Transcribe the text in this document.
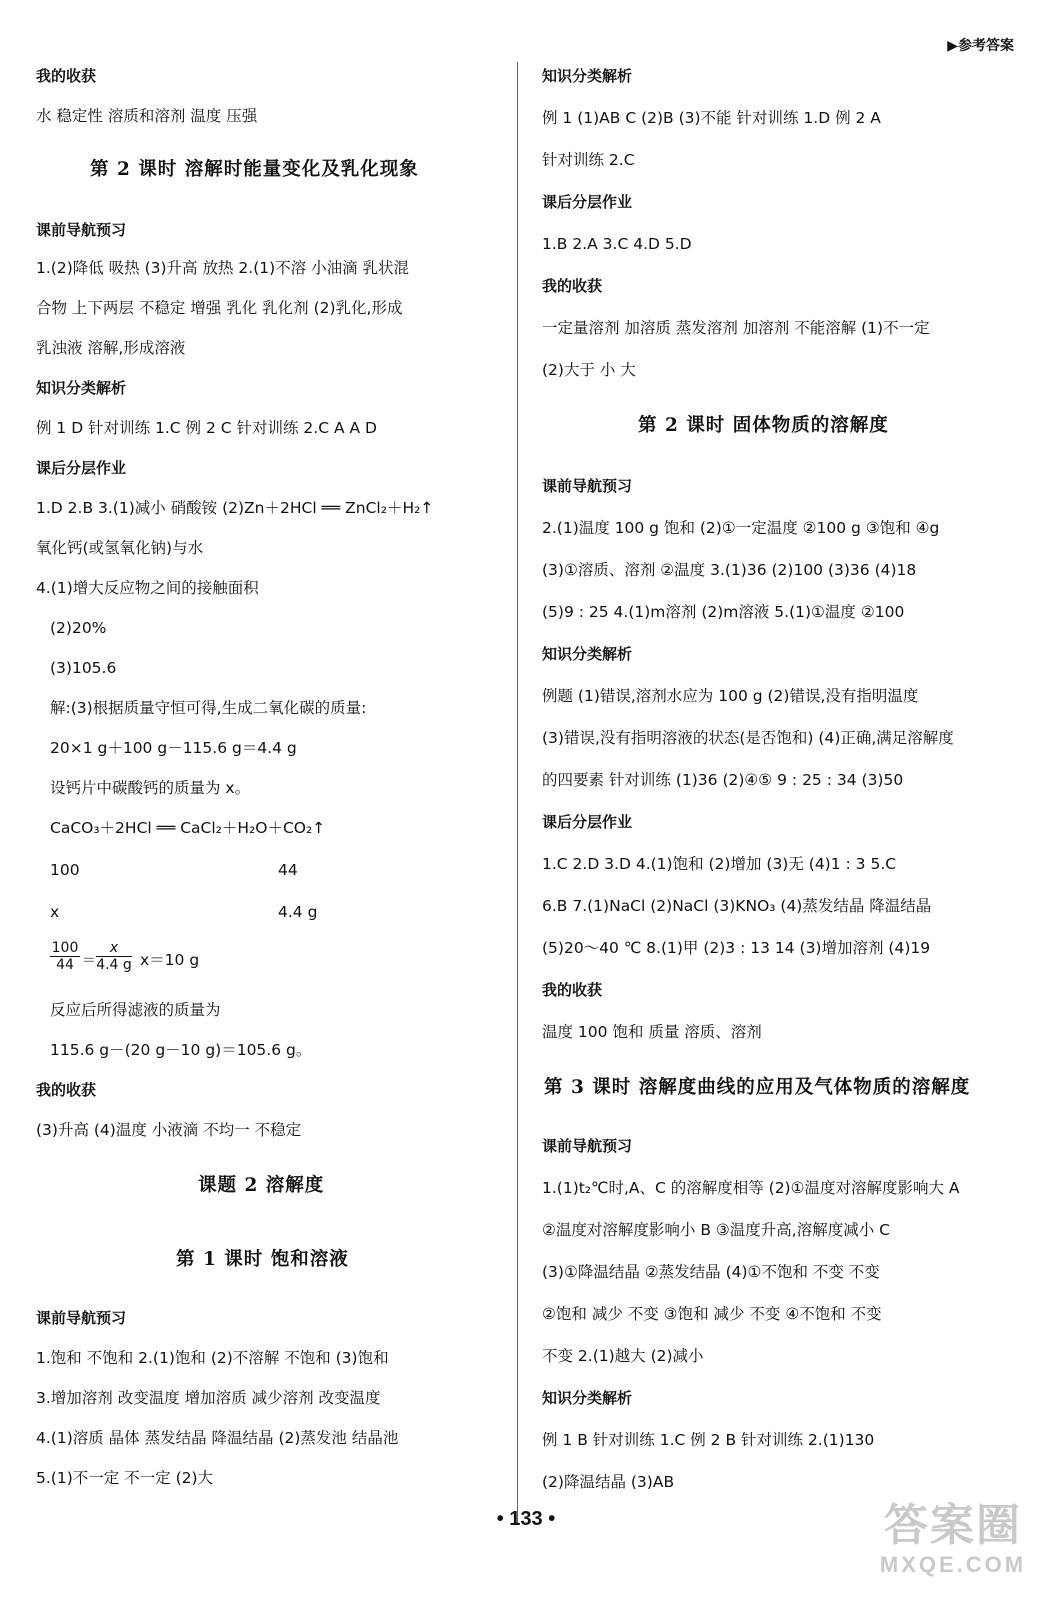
▶参考答案
我的收获
水 稳定性 溶质和溶剂 温度 压强
第 2 课时 溶解时能量变化及乳化现象
课前导航预习
1.(2)降低 吸热 (3)升高 放热 2.(1)不溶 小油滴 乳状混
合物 上下两层 不稳定 增强 乳化 乳化剂 (2)乳化,形成
乳浊液 溶解,形成溶液
知识分类解析
例 1 D 针对训练 1.C 例 2 C 针对训练 2.C A A D
课后分层作业
1.D 2.B 3.(1)减小 硝酸铵 (2)Zn＋2HCl ══ ZnCl₂＋H₂↑
氧化钙(或氢氧化钠)与水
4.(1)增大反应物之间的接触面积
(2)20%
(3)105.6
解:(3)根据质量守恒可得,生成二氧化碳的质量:
20×1 g＋100 g－115.6 g＝4.4 g
设钙片中碳酸钙的质量为 x。
CaCO₃＋2HCl ══ CaCl₂＋H₂O＋CO₂↑
100	44
x	4.4 g
x＝10 g
反应后所得滤液的质量为
115.6 g－(20 g－10 g)＝105.6 g。
我的收获
(3)升高 (4)温度 小液滴 不均一 不稳定
课题 2 溶解度
第 1 课时 饱和溶液
课前导航预习
1.饱和 不饱和 2.(1)饱和 (2)不溶解 不饱和 (3)饱和
3.增加溶剂 改变温度 增加溶质 减少溶剂 改变温度
4.(1)溶质 晶体 蒸发结晶 降温结晶 (2)蒸发池 结晶池
5.(1)不一定 不一定 (2)大
知识分类解析
例 1 (1)AB C (2)B (3)不能 针对训练 1.D 例 2 A
针对训练 2.C
课后分层作业
1.B 2.A 3.C 4.D 5.D
我的收获
一定量溶剂 加溶质 蒸发溶剂 加溶剂 不能溶解 (1)不一定
(2)大于 小 大
第 2 课时 固体物质的溶解度
课前导航预习
2.(1)温度 100 g 饱和 (2)①一定温度 ②100 g ③饱和 ④g
(3)①溶质、溶剂 ②温度 3.(1)36 (2)100 (3)36 (4)18
(5)9 : 25 4.(1)m溶剂 (2)m溶液 5.(1)①温度 ②100
知识分类解析
例题 (1)错误,溶剂水应为 100 g (2)错误,没有指明温度
(3)错误,没有指明溶液的状态(是否饱和) (4)正确,满足溶解度
的四要素 针对训练 (1)36 (2)④⑤ 9 : 25 : 34 (3)50
课后分层作业
1.C 2.D 3.D 4.(1)饱和 (2)增加 (3)无 (4)1 : 3 5.C
6.B 7.(1)NaCl (2)NaCl (3)KNO₃ (4)蒸发结晶 降温结晶
(5)20～40 ℃ 8.(1)甲 (2)3 : 13 14 (3)增加溶剂 (4)19
我的收获
温度 100 饱和 质量 溶质、溶剂
第 3 课时 溶解度曲线的应用及气体物质的溶解度
课前导航预习
1.(1)t₂℃时,A、C 的溶解度相等 (2)①温度对溶解度影响大 A
②温度对溶解度影响小 B ③温度升高,溶解度减小 C
(3)①降温结晶 ②蒸发结晶 (4)①不饱和 不变 不变
②饱和 减少 不变 ③饱和 减少 不变 ④不饱和 不变
不变 2.(1)越大 (2)减小
知识分类解析
例 1 B 针对训练 1.C 例 2 B 针对训练 2.(1)130
(2)降温结晶 (3)AB
$\frac{100}{44} = \frac{x}{4.4 g}$
• 133 •	答案圈
MXQE.COM
